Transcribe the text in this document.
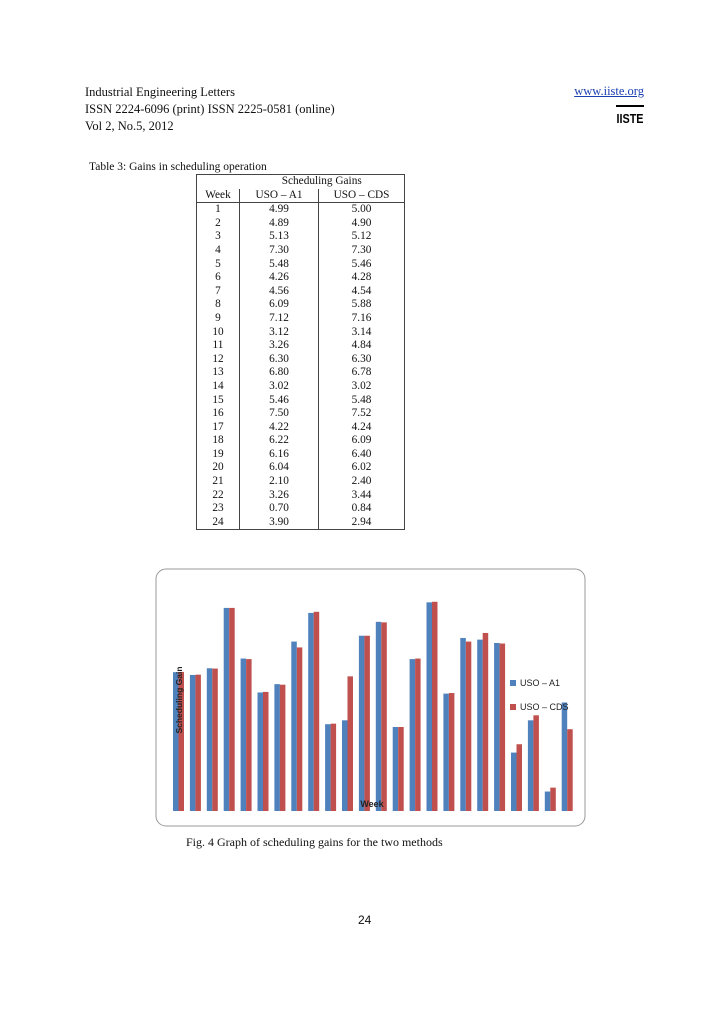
Industrial Engineering Letters
ISSN 2224-6096 (print) ISSN 2225-0581 (online)
Vol 2, No.5, 2012
www.iiste.org
IISTE
Table 3: Gains in scheduling operation
	Scheduling Gains	
Week	USO – A1	USO – CDS
1	4.99	5.00
2	4.89	4.90
3	5.13	5.12
4	7.30	7.30
5	5.48	5.46
6	4.26	4.28
7	4.56	4.54
8	6.09	5.88
9	7.12	7.16
10	3.12	3.14
11	3.26	4.84
12	6.30	6.30
13	6.80	6.78
14	3.02	3.02
15	5.46	5.48
16	7.50	7.52
17	4.22	4.24
18	6.22	6.09
19	6.16	6.40
20	6.04	6.02
21	2.10	2.40
22	3.26	3.44
23	0.70	0.84
24	3.90	2.94
Scheduling Gain
Week
USO – A1
USO – CDS
Fig. 4 Graph of scheduling gains for the two methods
24
